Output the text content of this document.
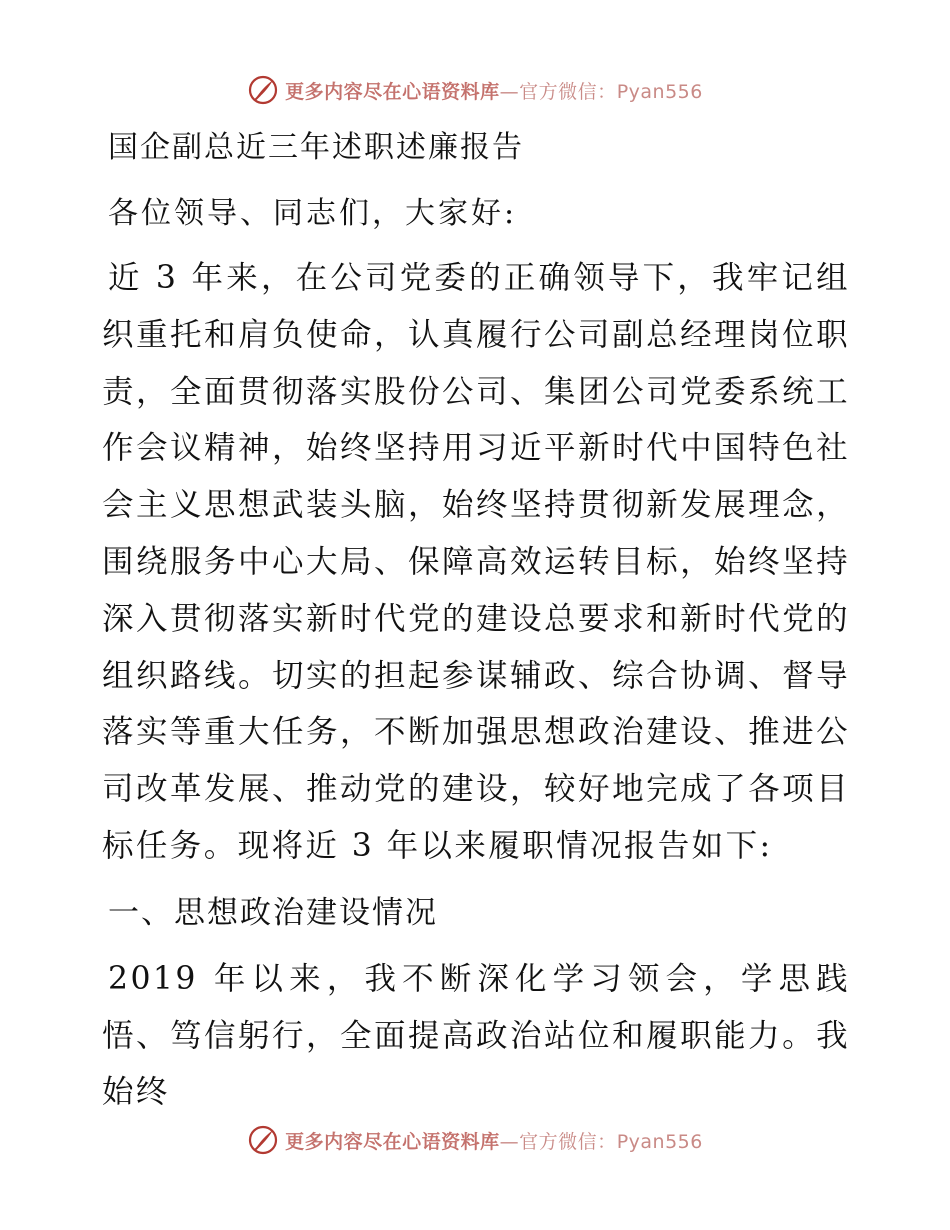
更多内容尽在心语资料库—官方微信：Pyan556
国企副总近三年述职述廉报告

各位领导、同志们，大家好:

近 3 年来，在公司党委的正确领导下，我牢记组织重托和肩负使命，认真履行公司副总经理岗位职责，全面贯彻落实股份公司、集团公司党委系统工作会议精神，始终坚持用习近平新时代中国特色社会主义思想武装头脑，始终坚持贯彻新发展理念，围绕服务中心大局、保障高效运转目标，始终坚持深入贯彻落实新时代党的建设总要求和新时代党的组织路线。切实的担起参谋辅政、综合协调、督导落实等重大任务，不断加强思想政治建设、推进公司改革发展、推动党的建设，较好地完成了各项目标任务。现将近 3 年以来履职情况报告如下:

一、思想政治建设情况

2019 年以来，我不断深化学习领会，学思践悟、笃信躬行，全面提高政治站位和履职能力。我始终

更多内容尽在心语资料库—官方微信：Pyan556
